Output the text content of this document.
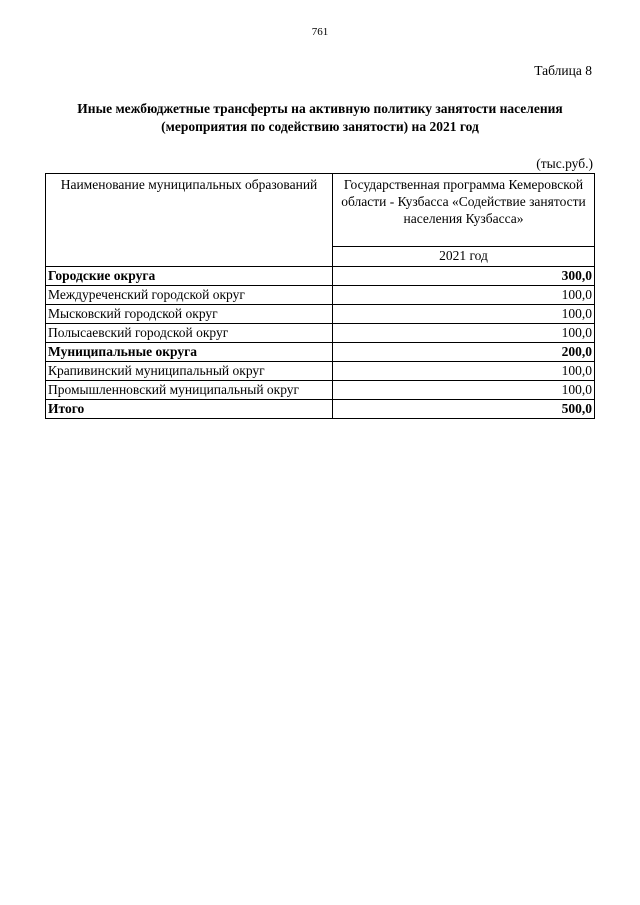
761
Таблица 8
Иные межбюджетные трансферты на активную политику занятости населения
(мероприятия по содействию занятости) на 2021 год
(тыс.руб.)
Наименование муниципальных образований	Государственная программа Кемеровской области - Кузбасса «Содействие занятости населения Кузбасса»
	2021 год
Городские округа	300,0
Междуреченский городской округ	100,0
Мысковский городской округ	100,0
Полысаевский городской округ	100,0
Муниципальные округа	200,0
Крапивинский муниципальный округ	100,0
Промышленновский муниципальный округ	100,0
Итого	500,0
